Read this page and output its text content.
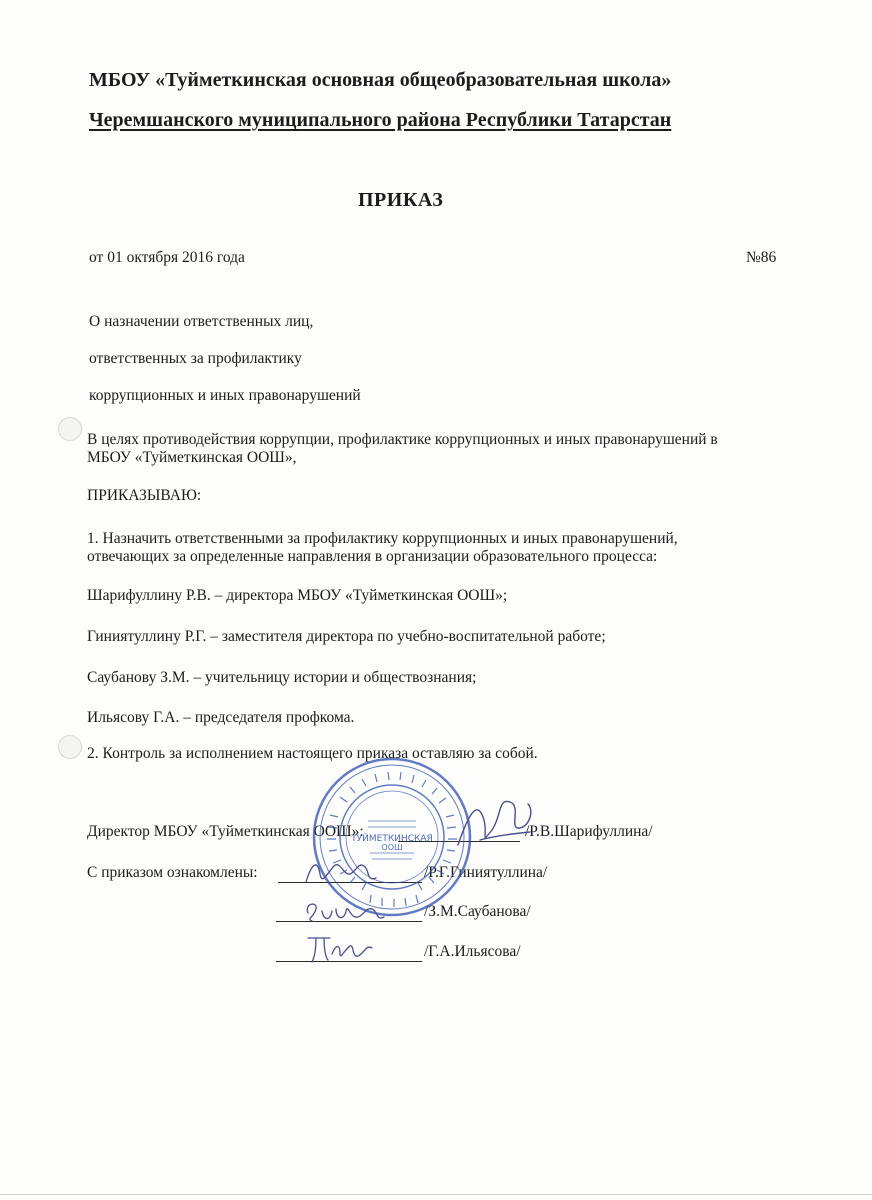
МБОУ «Туйметкинская основная общеобразовательная школа»
Черемшанского муниципального района Республики Татарстан
ПРИКАЗ
от 01 октября 2016 года	№86
О назначении ответственных лиц,
ответственных за профилактику
коррупционных и иных правонарушений
В целях противодействия коррупции, профилактике коррупционных и иных правонарушений в
МБОУ «Туйметкинская ООШ»,
ПРИКАЗЫВАЮ:
1. Назначить ответственными за профилактику коррупционных и иных правонарушений,
отвечающих за определенные направления в организации образовательного процесса:
Шарифуллину Р.В. – директора МБОУ «Туйметкинская ООШ»;
Гиниятуллину Р.Г. – заместителя директора по учебно-воспитательной работе;
Саубанову З.М. – учительницу истории и обществознания;
Ильясову Г.А. – председателя профкома.
2. Контроль за исполнением настоящего приказа оставляю за собой.
Директор МБОУ «Туйметкинская ООШ»:	/Р.В.Шарифуллина/
С приказом ознакомлены:	/Р.Г.Гиниятуллина/
/З.М.Саубанова/
/Г.А.Ильясова/
ТУЙМЕТКИНСКАЯ
ООШ
